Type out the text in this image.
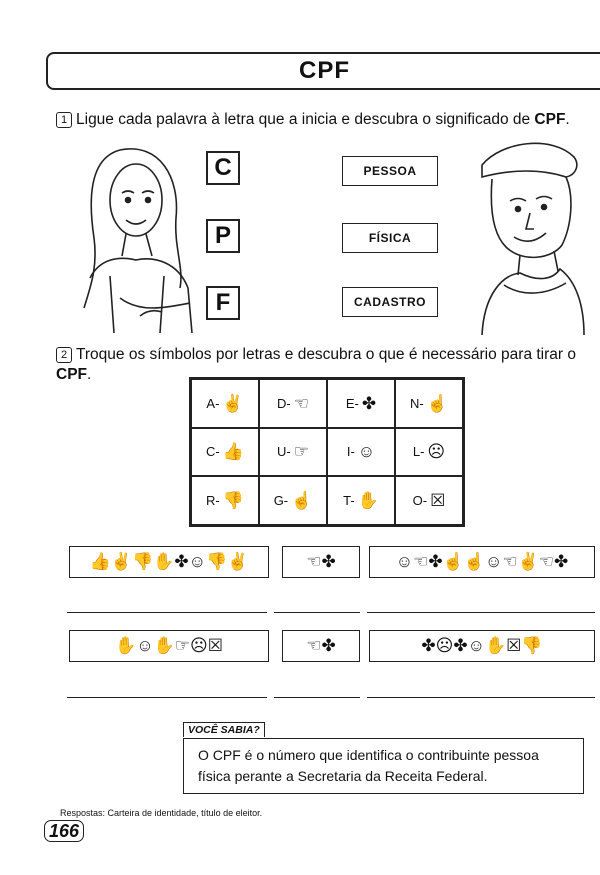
CPF
1 Ligue cada palavra à letra que a inicia e descubra o significado de CPF.
C
P
F
PESSOA
FÍSICA
CADASTRO
2 Troque os símbolos por letras e descubra o que é necessário para tirar o CPF.
A- ✌	D- ☜	E- ✤	N- ☝
C- 👍	U- ☞	I- ☺	L- ☹
R- 👎 G- ☝ T- ✋	O- ☒
👍✌👎✋✤☺👎✌	☜✤	☺☜✤☝☝☺☜✌☜✤
✋☺✋☞☹☒	☜✤	✤☹✤☺✋☒👎
VOCÊ SABIA?
O CPF é o número que identifica o contribuinte pessoa física perante a Secretaria da Receita Federal.
Respostas: Carteira de identidade, título de eleitor.
166
